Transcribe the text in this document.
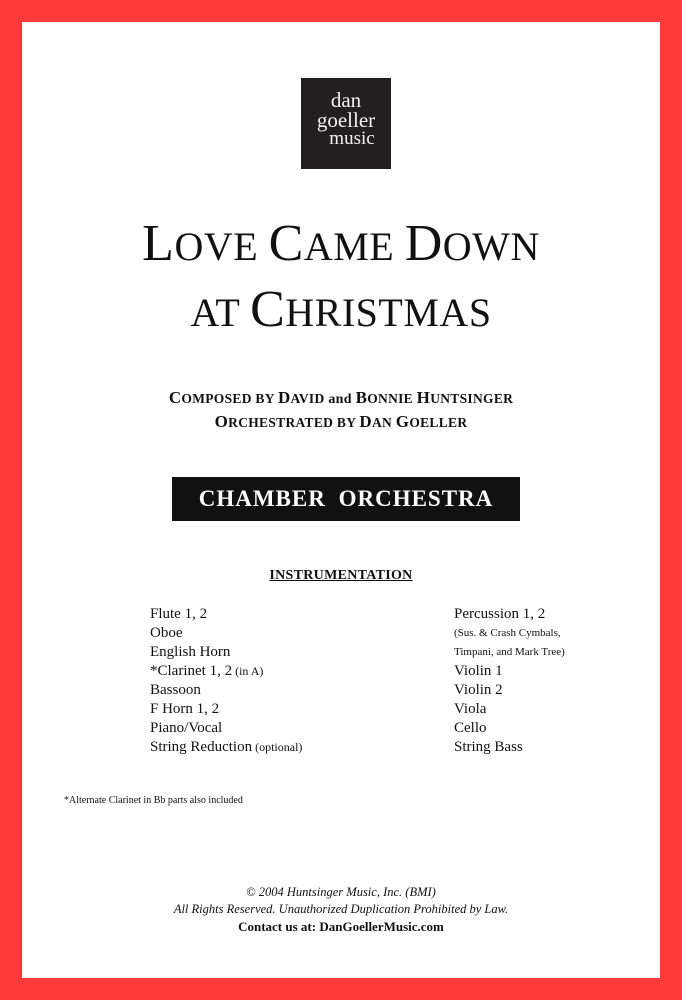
dan
goeller
music
LOVE CAME DOWN
AT CHRISTMAS
COMPOSED BY DAVID and BONNIE HUNTSINGER
ORCHESTRATED BY DAN GOELLER
CHAMBER ORCHESTRA
INSTRUMENTATION
Flute 1, 2
Oboe
English Horn
*Clarinet 1, 2 (in A)
Bassoon
F Horn 1, 2
Piano/Vocal
String Reduction (optional)
Percussion 1, 2
(Sus. & Crash Cymbals,
Timpani, and Mark Tree)
Violin 1
Violin 2
Viola
Cello
String Bass
*Alternate Clarinet in Bb parts also included
© 2004 Huntsinger Music, Inc. (BMI)
All Rights Reserved. Unauthorized Duplication Prohibited by Law.
Contact us at: DanGoellerMusic.com
